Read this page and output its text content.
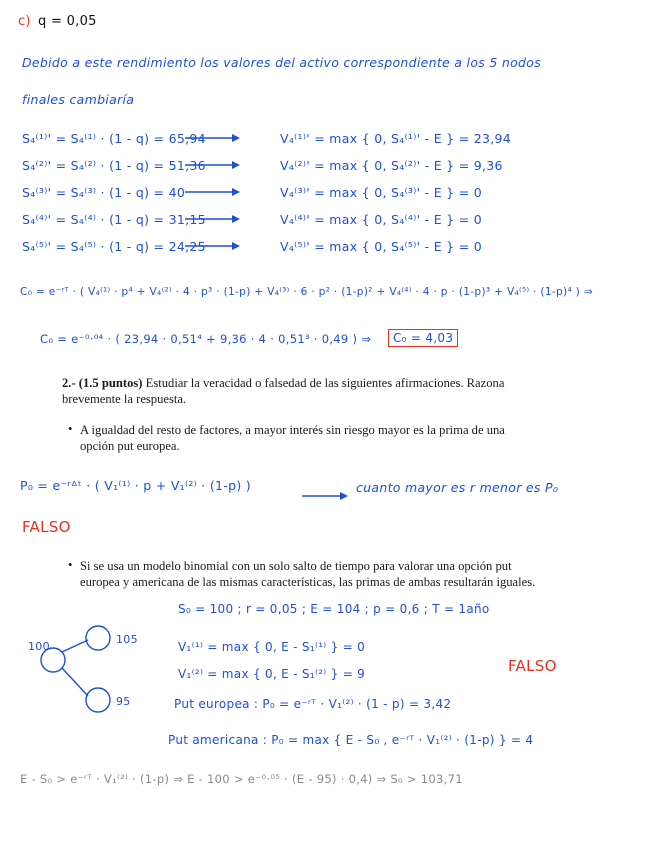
c) q = 0,05
Debido a este rendimiento los valores del activo correspondiente a los 5 nodos
finales cambiaría
S₄⁽¹⁾' = S₄⁽¹⁾ · (1 - q) = 65,94	V₄⁽¹⁾' = max { 0, S₄⁽¹⁾' - E } = 23,94
S₄⁽²⁾' = S₄⁽²⁾ · (1 - q) = 51,36	V₄⁽²⁾' = max { 0, S₄⁽²⁾' - E } = 9,36
S₄⁽³⁾' = S₄⁽³⁾ · (1 - q) = 40	V₄⁽³⁾' = max { 0, S₄⁽³⁾' - E } = 0
S₄⁽⁴⁾' = S₄⁽⁴⁾ · (1 - q) = 31,15	V₄⁽⁴⁾' = max { 0, S₄⁽⁴⁾' - E } = 0
S₄⁽⁵⁾' = S₄⁽⁵⁾ · (1 - q) = 24,25	V₄⁽⁵⁾' = max { 0, S₄⁽⁵⁾' - E } = 0
C₀ = e⁻ʳᵀ · ( V₄⁽¹⁾ · p⁴ + V₄⁽²⁾ · 4 · p³ · (1-p) + V₄⁽³⁾ · 6 · p² · (1-p)² + V₄⁽⁴⁾ · 4 · p · (1-p)³ + V₄⁽⁵⁾ · (1-p)⁴ ) ⇒
C₀ = e⁻⁰·⁰⁴ · ( 23,94 · 0,51⁴ + 9,36 · 4 · 0,51³ · 0,49 ) ⇒	C₀ = 4,03
2.- (1.5 puntos) Estudiar la veracidad o falsedad de las siguientes afirmaciones. Razona
brevemente la respuesta.
• A igualdad del resto de factores, a mayor interés sin riesgo mayor es la prima de una
opción put europea.
P₀ = e⁻ʳᐞᵗ · ( V₁⁽¹⁾ · p + V₁⁽²⁾ · (1-p) )	cuanto mayor es r menor es P₀
FALSO
• Si se usa un modelo binomial con un solo salto de tiempo para valorar una opción put
europea y americana de las mismas características, las primas de ambas resultarán iguales.
S₀ = 100 ; r = 0,05 ; E = 104 ; p = 0,6 ; T = 1año
100
105
95
V₁⁽¹⁾ = max { 0, E - S₁⁽¹⁾ } = 0
V₁⁽²⁾ = max { 0, E - S₁⁽²⁾ } = 9	FALSO
Put europea : P₀ = e⁻ʳᵀ · V₁⁽²⁾ · (1 - p) = 3,42
Put americana : P₀ = max { E - S₀ , e⁻ʳᵀ · V₁⁽²⁾ · (1-p) } = 4
E - S₀ > e⁻ʳᵀ · V₁⁽²⁾ · (1-p) ⇒ E - 100 > e⁻⁰·⁰⁵ · (E - 95) · 0,4) ⇒ S₀ > 103,71
